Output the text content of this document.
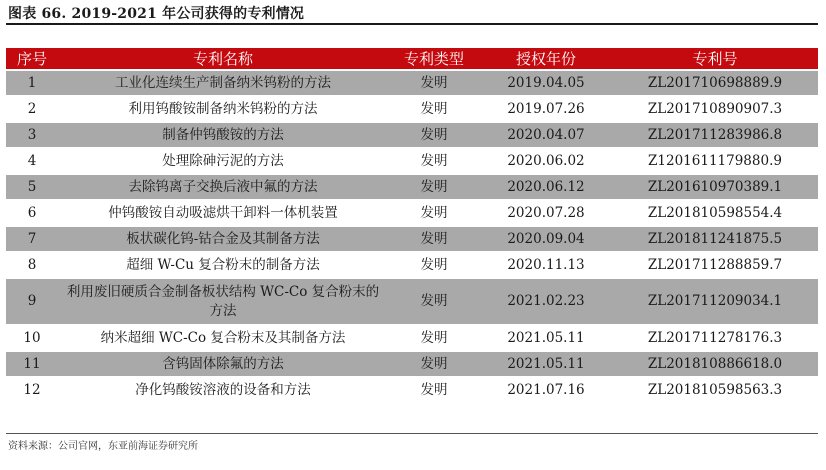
图表 66. 2019-2021 年公司获得的专利情况
序号	专利名称	专利类型	授权年份	专利号
1	工业化连续生产制备纳米钨粉的方法	发明	2019.04.05	ZL201710698889.9
2	利用钨酸铵制备纳米钨粉的方法	发明	2019.07.26	ZL201710890907.3
3	制备仲钨酸铵的方法	发明	2020.04.07	ZL201711283986.8
4	处理除砷污泥的方法	发明	2020.06.02	Z1201611179880.9
5	去除钨离子交换后液中氟的方法	发明	2020.06.12	ZL201610970389.1
6	仲钨酸铵自动吸滤烘干卸料一体机装置	发明	2020.07.28	ZL201810598554.4
7	板状碳化钨-钴合金及其制备方法	发明	2020.09.04	ZL201811241875.5
8	超细 W-Cu 复合粉末的制备方法	发明	2020.11.13	ZL201711288859.7
9	利用废旧硬质合金制备板状结构 WC-Co 复合粉末的方法	发明	2021.02.23	ZL201711209034.1
10	纳米超细 WC-Co 复合粉末及其制备方法	发明	2021.05.11	ZL201711278176.3
11	含钨固体除氟的方法	发明	2021.05.11	ZL201810886618.0
12	净化钨酸铵溶液的设备和方法	发明	2021.07.16	ZL201810598563.3
资料来源：公司官网，东亚前海证券研究所
